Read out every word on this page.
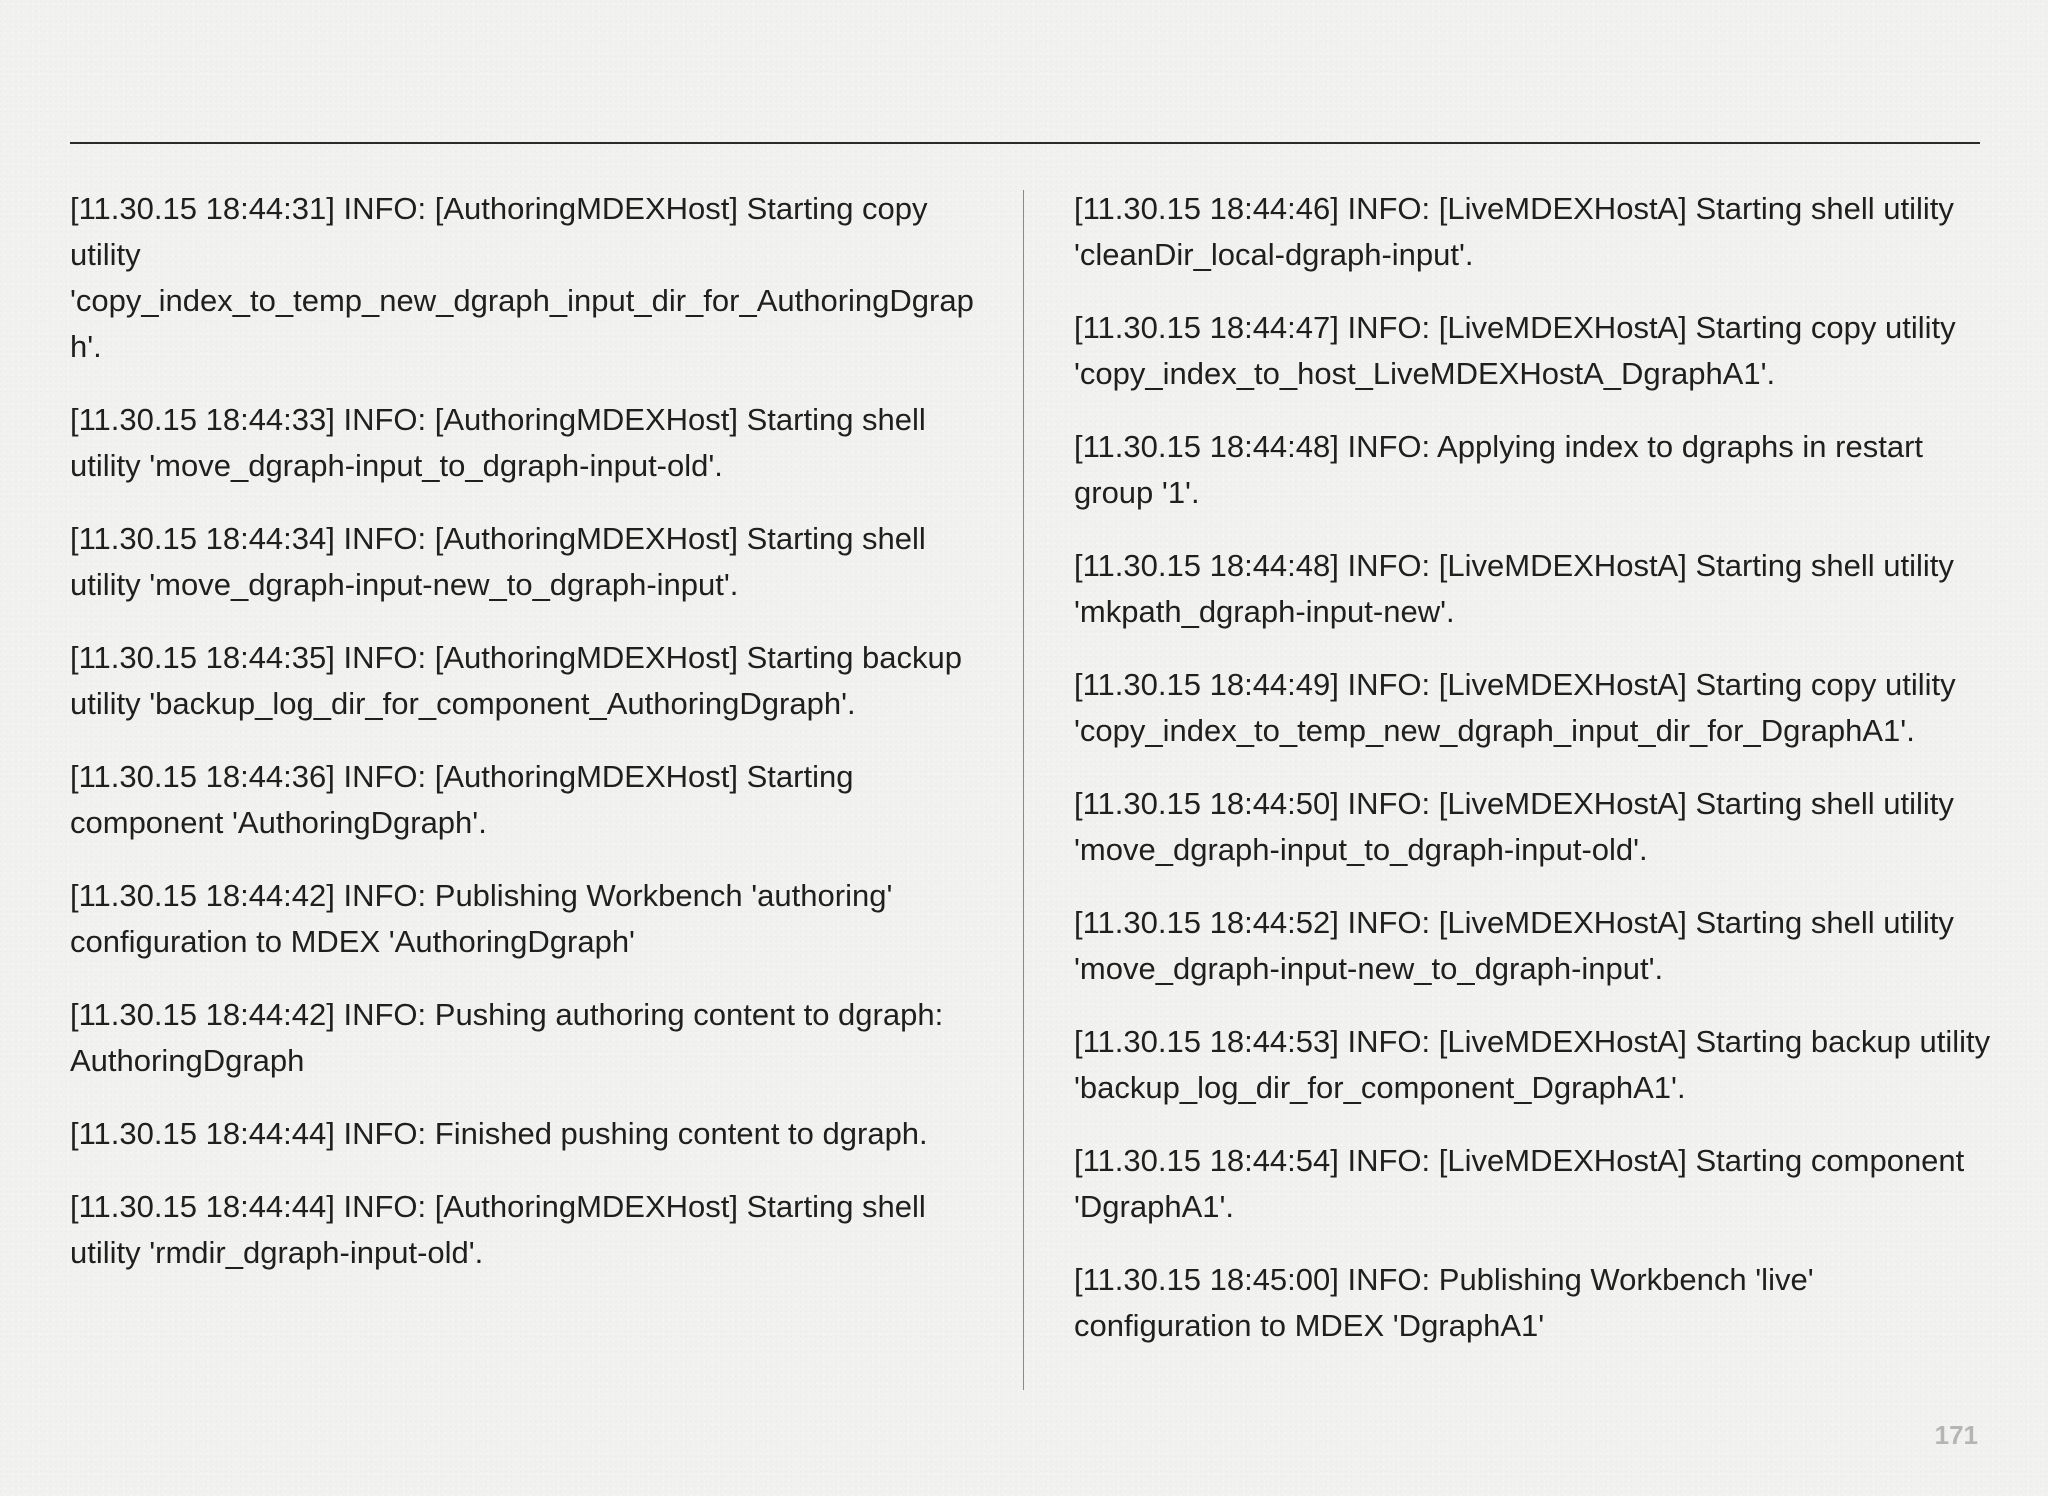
[11.30.15 18:44:31] INFO: [AuthoringMDEXHost] Starting copy utility 'copy_index_to_temp_new_dgraph_input_dir_for_AuthoringDgraph'.

[11.30.15 18:44:33] INFO: [AuthoringMDEXHost] Starting shell utility 'move_dgraph-input_to_dgraph-input-old'.

[11.30.15 18:44:34] INFO: [AuthoringMDEXHost] Starting shell utility 'move_dgraph-input-new_to_dgraph-input'.

[11.30.15 18:44:35] INFO: [AuthoringMDEXHost] Starting backup utility 'backup_log_dir_for_component_AuthoringDgraph'.

[11.30.15 18:44:36] INFO: [AuthoringMDEXHost] Starting component 'AuthoringDgraph'.

[11.30.15 18:44:42] INFO: Publishing Workbench 'authoring' configuration to MDEX 'AuthoringDgraph'

[11.30.15 18:44:42] INFO: Pushing authoring content to dgraph: AuthoringDgraph

[11.30.15 18:44:44] INFO: Finished pushing content to dgraph.

[11.30.15 18:44:44] INFO: [AuthoringMDEXHost] Starting shell utility 'rmdir_dgraph-input-old'.

[11.30.15 18:44:46] INFO: [LiveMDEXHostA] Starting shell utility 'cleanDir_local-dgraph-input'.

[11.30.15 18:44:47] INFO: [LiveMDEXHostA] Starting copy utility 'copy_index_to_host_LiveMDEXHostA_DgraphA1'.

[11.30.15 18:44:48] INFO: Applying index to dgraphs in restart group '1'.

[11.30.15 18:44:48] INFO: [LiveMDEXHostA] Starting shell utility 'mkpath_dgraph-input-new'.

[11.30.15 18:44:49] INFO: [LiveMDEXHostA] Starting copy utility 'copy_index_to_temp_new_dgraph_input_dir_for_DgraphA1'.

[11.30.15 18:44:50] INFO: [LiveMDEXHostA] Starting shell utility 'move_dgraph-input_to_dgraph-input-old'.

[11.30.15 18:44:52] INFO: [LiveMDEXHostA] Starting shell utility 'move_dgraph-input-new_to_dgraph-input'.

[11.30.15 18:44:53] INFO: [LiveMDEXHostA] Starting backup utility 'backup_log_dir_for_component_DgraphA1'.

[11.30.15 18:44:54] INFO: [LiveMDEXHostA] Starting component 'DgraphA1'.

[11.30.15 18:45:00] INFO: Publishing Workbench 'live' configuration to MDEX 'DgraphA1'

171
